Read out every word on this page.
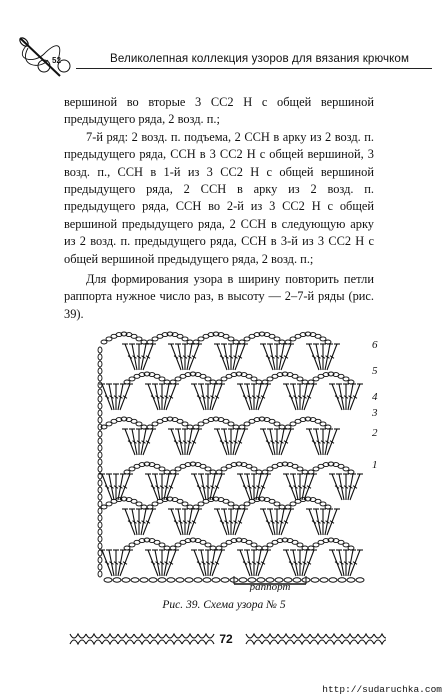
52	Великолепная коллекция узоров для вязания крючком

вершиной во вторые 3 СС2 Н с общей вершиной предыдущего ряда, 2 возд. п.;

7-й ряд: 2 возд. п. подъема, 2 ССН в арку из 2 возд. п. предыдущего ряда, ССН в 3 СС2 Н с общей вершиной, 3 возд. п., ССН в 1-й из 3 СС2 Н с общей вершиной предыдущего ряда, 2 ССН в арку из 2 возд. п. предыдущего ряда, ССН во 2-й из 3 СС2 Н с общей вершиной предыдущего ряда, 2 ССН в следующую арку из 2 возд. п. предыдущего ряда, ССН в 3-й из 3 СС2 Н с общей вершиной предыдущего ряда, 2 возд. п.;

Для формирования узора в ширину повторить петли раппорта нужное число раз, в высоту — 2–7-й ряды (рис. 39).

6
5
4
3
2
1
раппорт
Рис. 39. Схема узора № 5
72
http://sudaruchka.com
